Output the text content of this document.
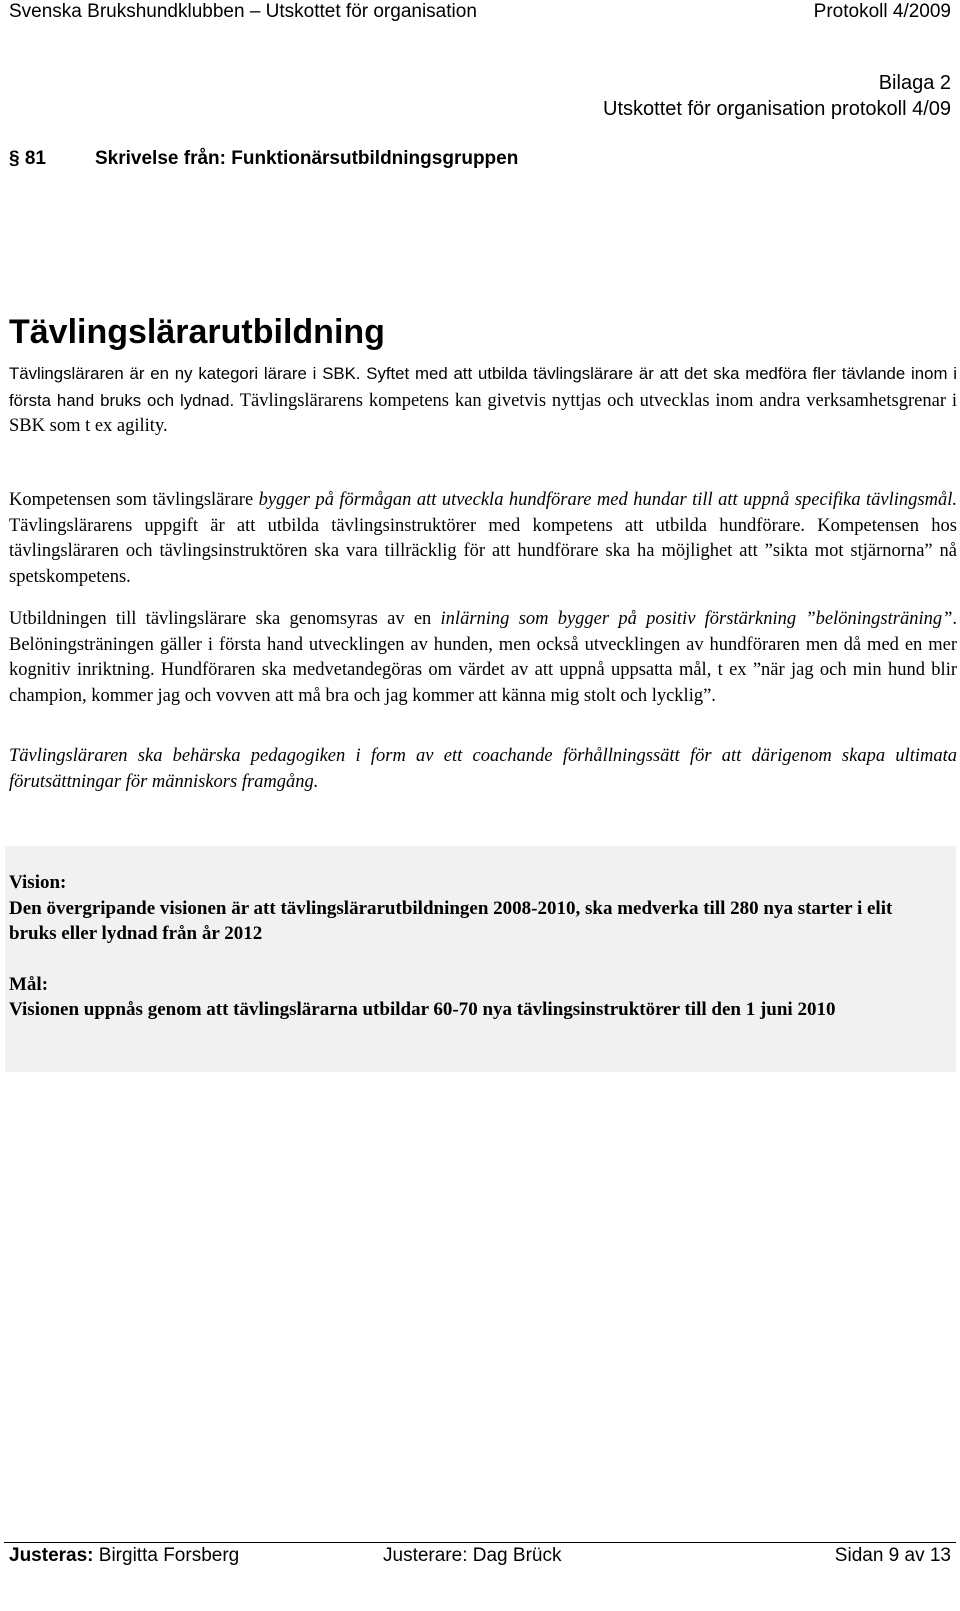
Svenska Brukshundklubben – Utskottet för organisation	Protokoll 4/2009
Bilaga 2
Utskottet för organisation protokoll 4/09
§ 81	Skrivelse från: Funktionärsutbildningsgruppen
Tävlingslärarutbildning

Tävlingsläraren är en ny kategori lärare i SBK. Syftet med att utbilda tävlingslärare är att det ska medföra fler tävlande inom i första hand bruks och lydnad. Tävlingslärarens kompetens kan givetvis nyttjas och utvecklas inom andra verksamhetsgrenar i SBK som t ex agility.

Kompetensen som tävlingslärare bygger på förmågan att utveckla hundförare med hundar till att uppnå specifika tävlingsmål. Tävlingslärarens uppgift är att utbilda tävlingsinstruktörer med kompetens att utbilda hundförare. Kompetensen hos tävlingsläraren och tävlingsinstruktören ska vara tillräcklig för att hundförare ska ha möjlighet att ”sikta mot stjärnorna” nå spetskompetens.

Utbildningen till tävlingslärare ska genomsyras av en inlärning som bygger på positiv förstärkning ”belöningsträning”. Belöningsträningen gäller i första hand utvecklingen av hunden, men också utvecklingen av hundföraren men då med en mer kognitiv inriktning. Hundföraren ska medvetandegöras om värdet av att uppnå uppsatta mål, t ex ”när jag och min hund blir champion, kommer jag och vovven att må bra och jag kommer att känna mig stolt och lycklig”.

Tävlingsläraren ska behärska pedagogiken i form av ett coachande förhållningssätt för att därigenom skapa ultimata förutsättningar för människors framgång.

Vision:

Den övergripande visionen är att tävlingslärarutbildningen 2008-2010, ska medverka till 280 nya starter i elit bruks eller lydnad från år 2012

Mål:

Visionen uppnås genom att tävlingslärarna utbildar 60-70 nya tävlingsinstruktörer till den 1 juni 2010

Justeras: Birgitta Forsberg	Justerare: Dag Brück	Sidan 9 av 13
